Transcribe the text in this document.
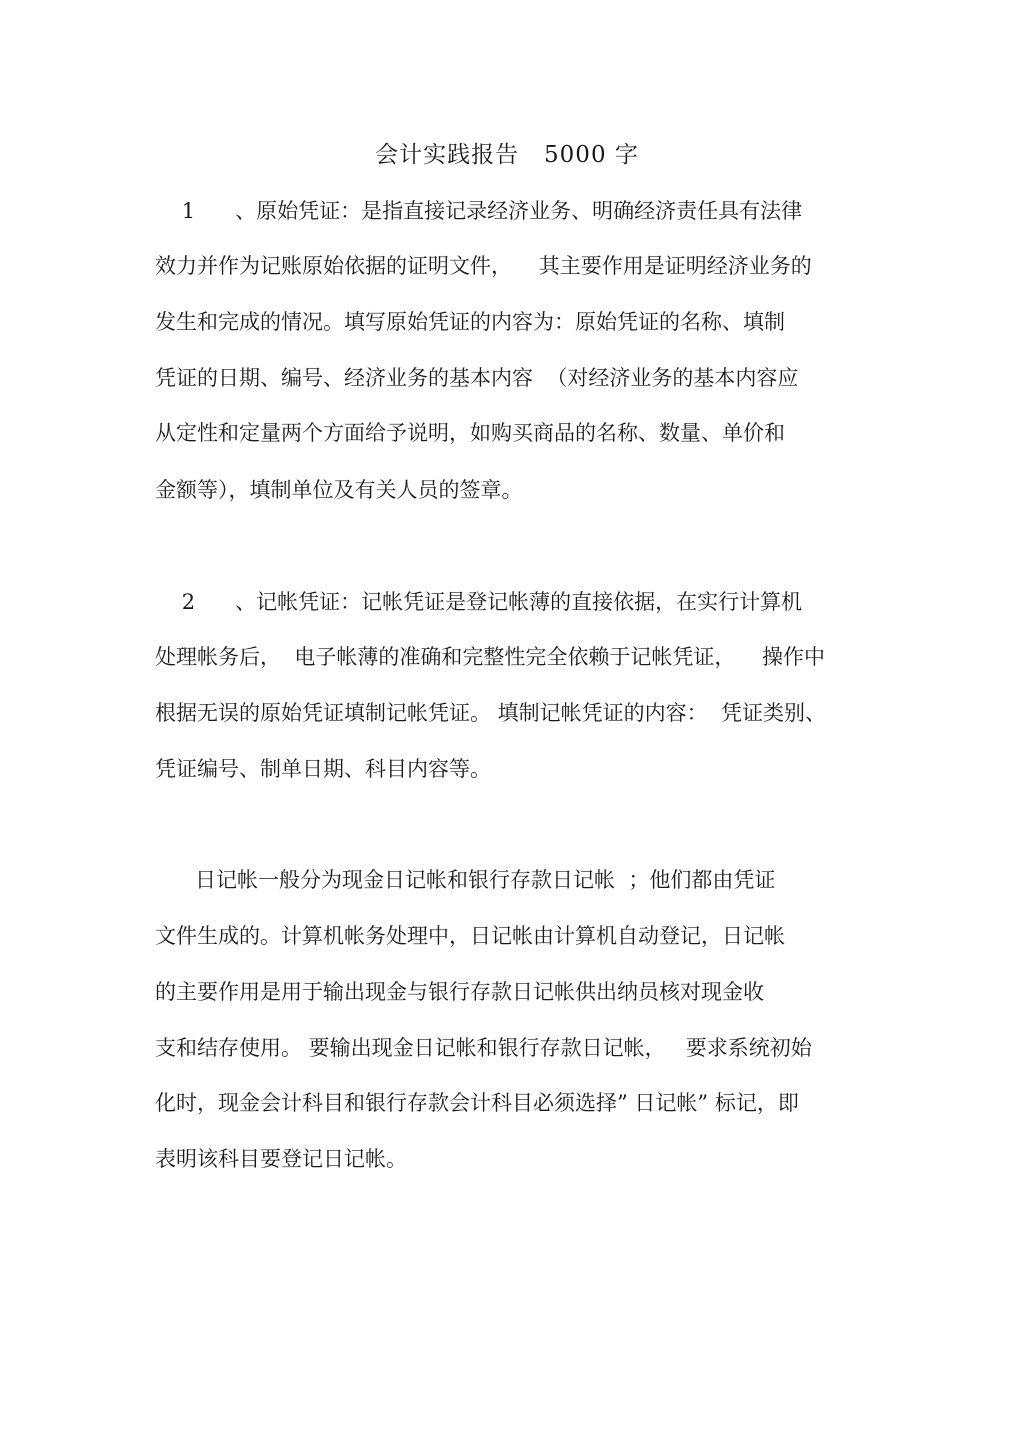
会计实践报告   5000 字
1      、原始凭证：是指直接记录经济业务、明确经济责任具有法律
效力并作为记账原始依据的证明文件，    其主要作用是证明经济业务的
发生和完成的情况。填写原始凭证的内容为：原始凭证的名称、填制
凭证的日期、编号、经济业务的基本内容  （对经济业务的基本内容应
从定性和定量两个方面给予说明，如购买商品的名称、数量、单价和
金额等），填制单位及有关人员的签章。
2      、记帐凭证：记帐凭证是登记帐薄的直接依据，在实行计算机
处理帐务后，  电子帐薄的准确和完整性完全依赖于记帐凭证，    操作中
根据无误的原始凭证填制记帐凭证。 填制记帐凭证的内容：  凭证类别、
凭证编号、制单日期、科目内容等。
日记帐一般分为现金日记帐和银行存款日记帐  ；他们都由凭证
文件生成的。计算机帐务处理中，日记帐由计算机自动登记，日记帐
的主要作用是用于输出现金与银行存款日记帐供出纳员核对现金收
支和结存使用。 要输出现金日记帐和银行存款日记帐，   要求系统初始
化时，现金会计科目和银行存款会计科目必须选择” 日记帐” 标记，即
表明该科目要登记日记帐。
